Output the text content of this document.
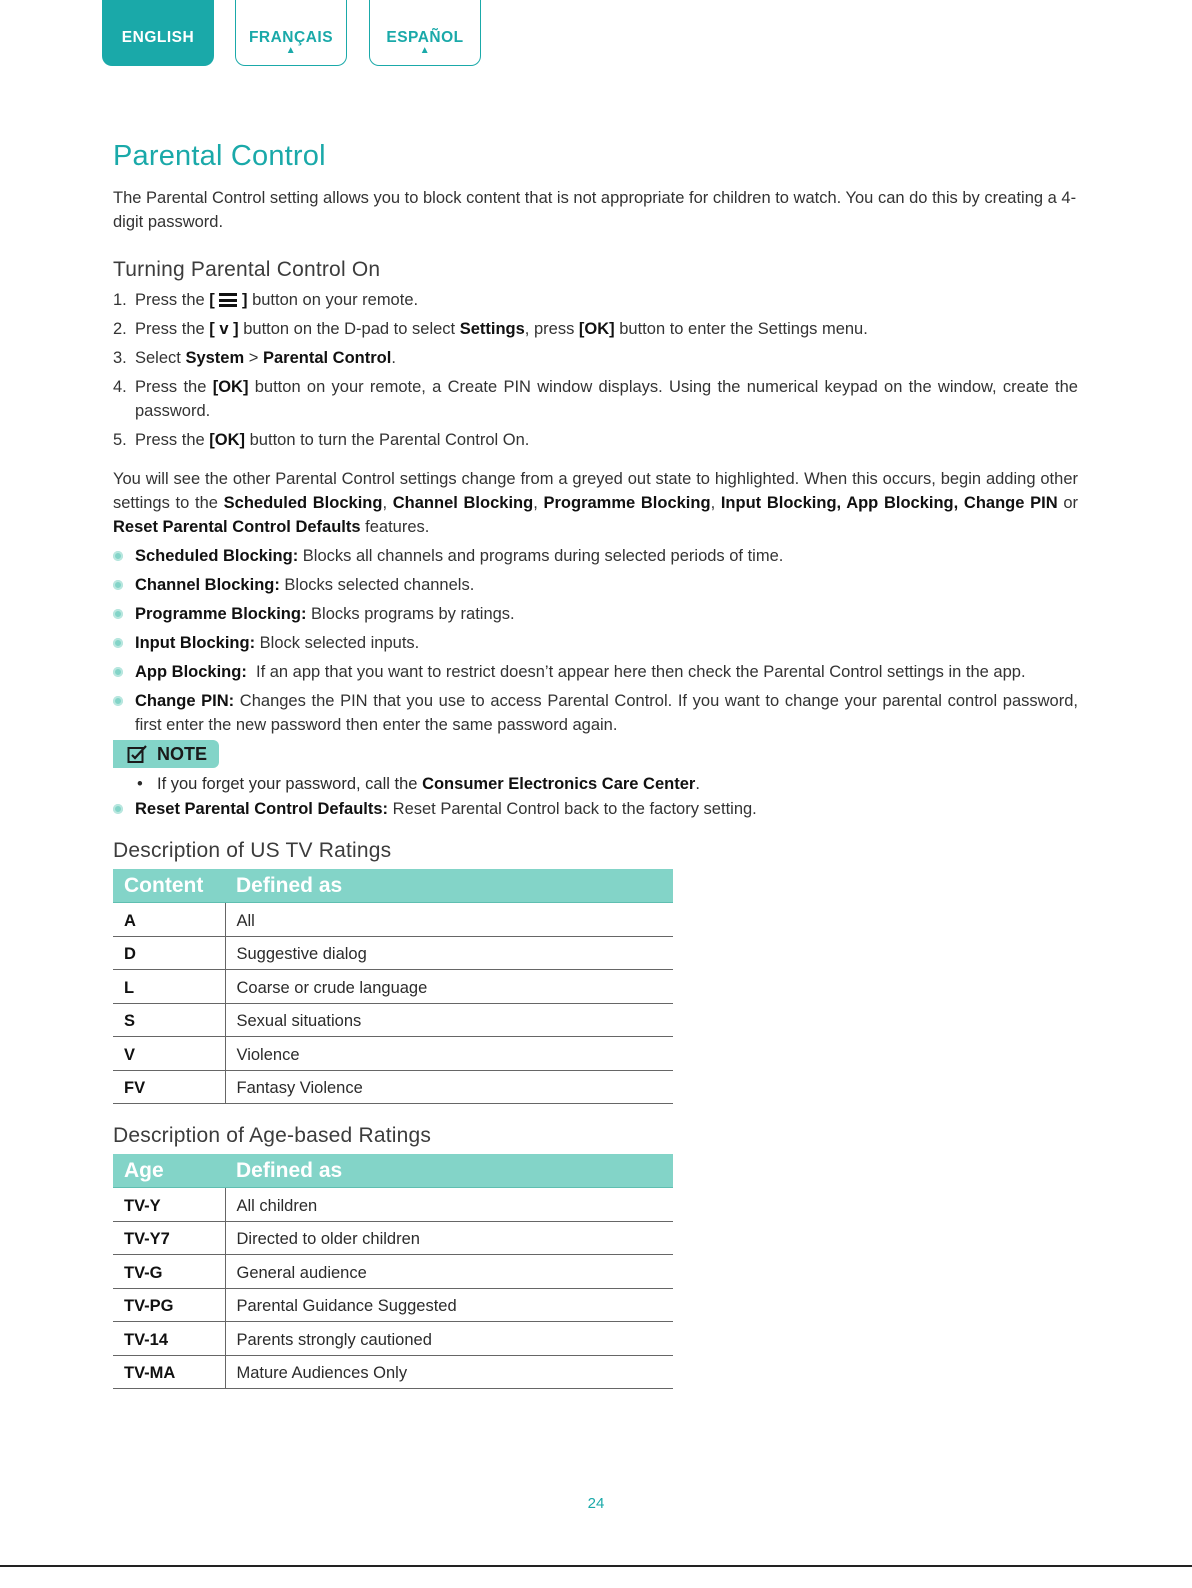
ENGLISH	FRANÇAIS
▲
ESPAÑOL
▲
Parental Control

The Parental Control setting allows you to block content that is not appropriate for children to watch. You can do this by creating a 4-digit password.

Turning Parental Control On
1. Press the [ ] button on your remote.
2. Press the [ v ] button on the D-pad to select Settings, press [OK] button to enter the Settings menu.
3. Select System > Parental Control.
4. Press the [OK] button on your remote, a Create PIN window displays. Using the numerical keypad on the window, create the password.
5. Press the [OK] button to turn the Parental Control On.

You will see the other Parental Control settings change from a greyed out state to highlighted. When this occurs, begin adding other settings to the Scheduled Blocking, Channel Blocking, Programme Blocking, Input Blocking, App Blocking, Change PIN or Reset Parental Control Defaults features.

Scheduled Blocking: Blocks all channels and programs during selected periods of time.
Channel Blocking: Blocks selected channels.
Programme Blocking: Blocks programs by ratings.
Input Blocking: Block selected inputs.
App Blocking:  If an app that you want to restrict doesn’t appear here then check the Parental Control settings in the app.
Change PIN: Changes the PIN that you use to access Parental Control. If you want to change your parental control password, first enter the new password then enter the same password again.
NOTE
• If you forget your password, call the Consumer Electronics Care Center.
Reset Parental Control Defaults: Reset Parental Control back to the factory setting.
Description of US TV Ratings
Content	Defined as
A	All
D	Suggestive dialog
L	Coarse or crude language
S	Sexual situations
V	Violence
FV	Fantasy Violence
Description of Age-based Ratings
Age	Defined as
TV-Y	All children
TV-Y7	Directed to older children
TV-G	General audience
TV-PG	Parental Guidance Suggested
TV-14	Parents strongly cautioned
TV-MA	Mature Audiences Only
24
